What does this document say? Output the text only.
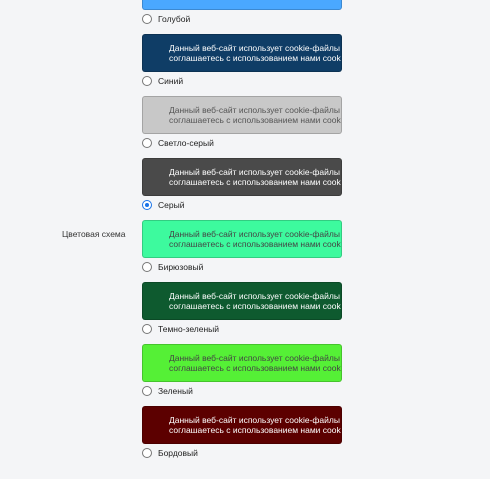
Цветовая схема
Голубой
Данный веб-сайт использует cookie-файлы
соглашаетесь с использованием нами cook
Синий
Данный веб-сайт использует cookie-файлы
соглашаетесь с использованием нами cook
Светло-серый
Данный веб-сайт использует cookie-файлы
соглашаетесь с использованием нами cook
Серый
Данный веб-сайт использует cookie-файлы
соглашаетесь с использованием нами cook
Бирюзовый
Данный веб-сайт использует cookie-файлы
соглашаетесь с использованием нами cook
Темно-зеленый
Данный веб-сайт использует cookie-файлы
соглашаетесь с использованием нами cook
Зеленый
Данный веб-сайт использует cookie-файлы
соглашаетесь с использованием нами cook
Бордовый
